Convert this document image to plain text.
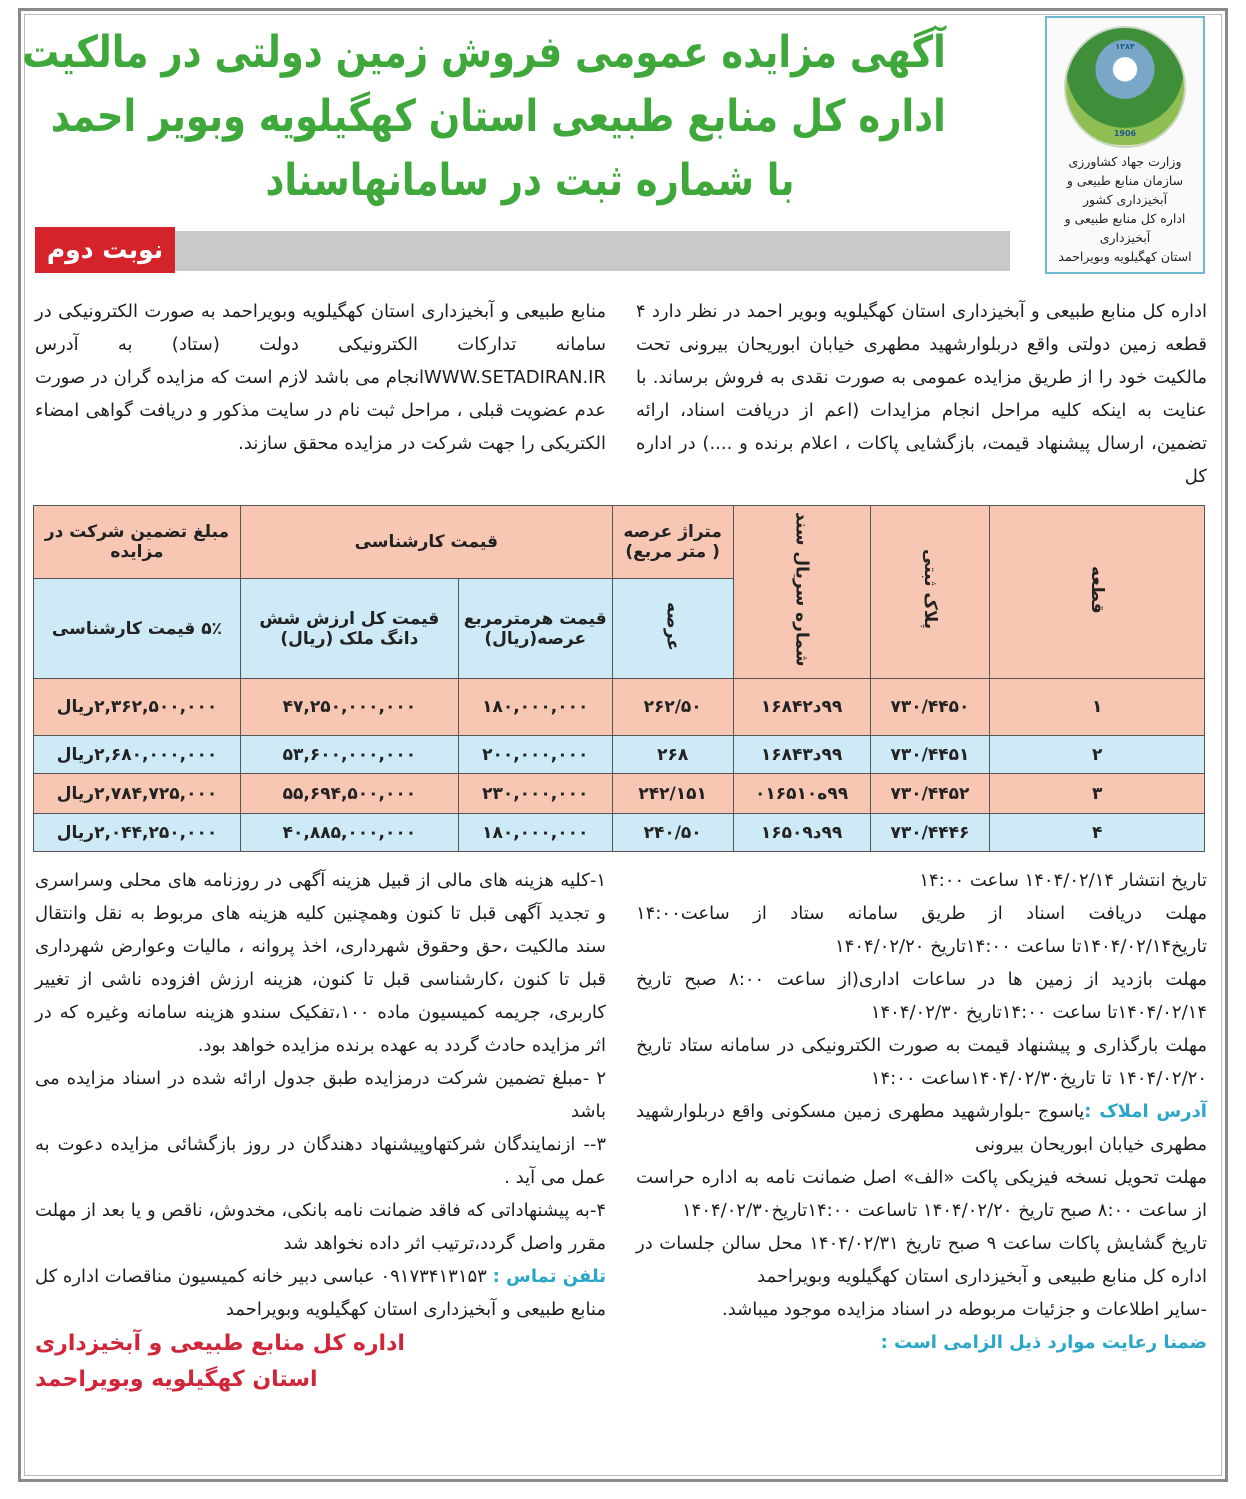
۱۳۸۴
1906
وزارت جهاد کشاورزی
سازمان منابع طبیعی و
آبخیزداری کشور
اداره کل منابع طبیعی و
آبخیزداری
استان کهگیلویه وبویراحمد
نوبت دوم
آگهی مزایده عمومی فروش زمین دولتی در مالکیت
اداره کل منابع طبیعی استان کهگیلویه وبویر احمد
با شماره ثبت در سامانهاسناد
اداره کل منابع طبیعی و آبخیزداری استان کهگیلویه وبویر احمد در نظر دارد ۴ قطعه زمین دولتی واقع دربلوارشهید مطهری خیابان ابوریحان بیرونی تحت مالکیت خود را از طریق مزایده عمومی به صورت نقدی به فروش برساند. با عنایت به اینکه کلیه مراحل انجام مزایدات (اعم از دریافت اسناد، ارائه تضمین، ارسال پیشنهاد قیمت، بازگشایی پاکات ، اعلام برنده و ....) در اداره کل
منابع طبیعی و آبخیزداری استان کهگیلویه وبویراحمد به صورت الکترونیکی در سامانه تدارکات الکترونیکی دولت (ستاد) به آدرس WWW.SETADIRAN.IRانجام می باشد لازم است که مزایده گران در صورت عدم عضویت قبلی ، مراحل ثبت نام در سایت مذکور و دریافت گواهی امضاء الکتریکی را جهت شرکت در مزایده محقق سازند.
قطعه	پلاک ثبتی	شماره سریال سند	متراژ عرصه ( متر مربع)	قیمت کارشناسی		مبلغ تضمین شرکت در مزایده
			عرصه	قیمت هرمترمربع عرصه(ریال)	قیمت کل ارزش شش دانگ ملک (ریال)	۵٪ قیمت کارشناسی
۱	۷۳۰/۴۴۵۰	۹۹د۱۶۸۴۲	۲۶۲/۵۰	۱۸۰,۰۰۰,۰۰۰	۴۷,۲۵۰,۰۰۰,۰۰۰	۲,۳۶۲,۵۰۰,۰۰۰ریال
۲	۷۳۰/۴۴۵۱	۹۹د۱۶۸۴۳	۲۶۸	۲۰۰,۰۰۰,۰۰۰	۵۳,۶۰۰,۰۰۰,۰۰۰	۲,۶۸۰,۰۰۰,۰۰۰ریال
۳	۷۳۰/۴۴۵۲	۹۹ه۰۱۶۵۱۰	۲۴۲/۱۵۱	۲۳۰,۰۰۰,۰۰۰	۵۵,۶۹۴,۵۰۰,۰۰۰	۲,۷۸۴,۷۲۵,۰۰۰ریال
۴	۷۳۰/۴۴۴۶	۹۹د۱۶۵۰۹	۲۴۰/۵۰	۱۸۰,۰۰۰,۰۰۰	۴۰,۸۸۵,۰۰۰,۰۰۰	۲,۰۴۴,۲۵۰,۰۰۰ریال
تاریخ انتشار ۱۴۰۴/۰۲/۱۴ ساعت ۱۴:۰۰
مهلت دریافت اسناد از طریق سامانه ستاد از ساعت۱۴:۰۰ تاریخ۱۴۰۴/۰۲/۱۴تا ساعت ۱۴:۰۰تاریخ ۱۴۰۴/۰۲/۲۰
مهلت بازدید از زمین ها در ساعات اداری(از ساعت ۸:۰۰ صبح تاریخ ۱۴۰۴/۰۲/۱۴تا ساعت ۱۴:۰۰تاریخ ۱۴۰۴/۰۲/۳۰
مهلت بارگذاری و پیشنهاد قیمت به صورت الکترونیکی در سامانه ستاد تاریخ ۱۴۰۴/۰۲/۲۰ تا تاریخ۱۴۰۴/۰۲/۳۰ساعت ۱۴:۰۰
آدرس املاک :یاسوج -بلوارشهید مطهری زمین مسکونی واقع دربلوارشهید مطهری خیابان ابوریحان بیرونی
مهلت تحویل نسخه فیزیکی پاکت «الف» اصل ضمانت نامه به اداره حراست از ساعت ۸:۰۰ صبح تاریخ ۱۴۰۴/۰۲/۲۰ تاساعت ۱۴:۰۰تاریخ۱۴۰۴/۰۲/۳۰
تاریخ گشایش پاکات ساعت ۹ صبح تاریخ ۱۴۰۴/۰۲/۳۱ محل سالن جلسات در اداره کل منابع طبیعی و آبخیزداری استان کهگیلویه وبویراحمد
-سایر اطلاعات و جزئیات مربوطه در اسناد مزایده موجود میباشد.
ضمنا رعایت موارد ذیل الزامی است :
۱-کلیه هزینه های مالی از قبیل هزینه آگهی در روزنامه های محلی وسراسری و تجدید آگهی قبل تا کنون وهمچنین کلیه هزینه های مربوط به نقل وانتقال سند مالکیت ،حق وحقوق شهرداری، اخذ پروانه ، مالیات وعوارض شهرداری قبل تا کنون ،کارشناسی قبل تا کنون، هزینه ارزش افزوده ناشی از تغییر کاربری، جریمه کمیسیون ماده ۱۰۰،تفکیک سندو هزینه سامانه وغیره که در اثر مزایده حادث گردد به عهده برنده مزایده خواهد بود.
۲ -مبلغ تضمین شرکت درمزایده طبق جدول ارائه شده در اسناد مزایده می باشد
۳-- ازنمایندگان شرکتهاوپیشنهاد دهندگان در روز بازگشائی مزایده دعوت به عمل می آید .
۴-به پیشنهاداتی که فاقد ضمانت نامه بانکی، مخدوش، ناقص و یا بعد از مهلت مقرر واصل گردد،ترتیب اثر داده نخواهد شد
تلفن تماس : ۰۹۱۷۳۴۱۳۱۵۳ عباسی دبیر خانه کمیسیون مناقصات اداره کل منابع طبیعی و آبخیزداری استان کهگیلویه وبویراحمد
اداره کل منابع طبیعی و آبخیزداری
استان کهگیلویه وبویراحمد
